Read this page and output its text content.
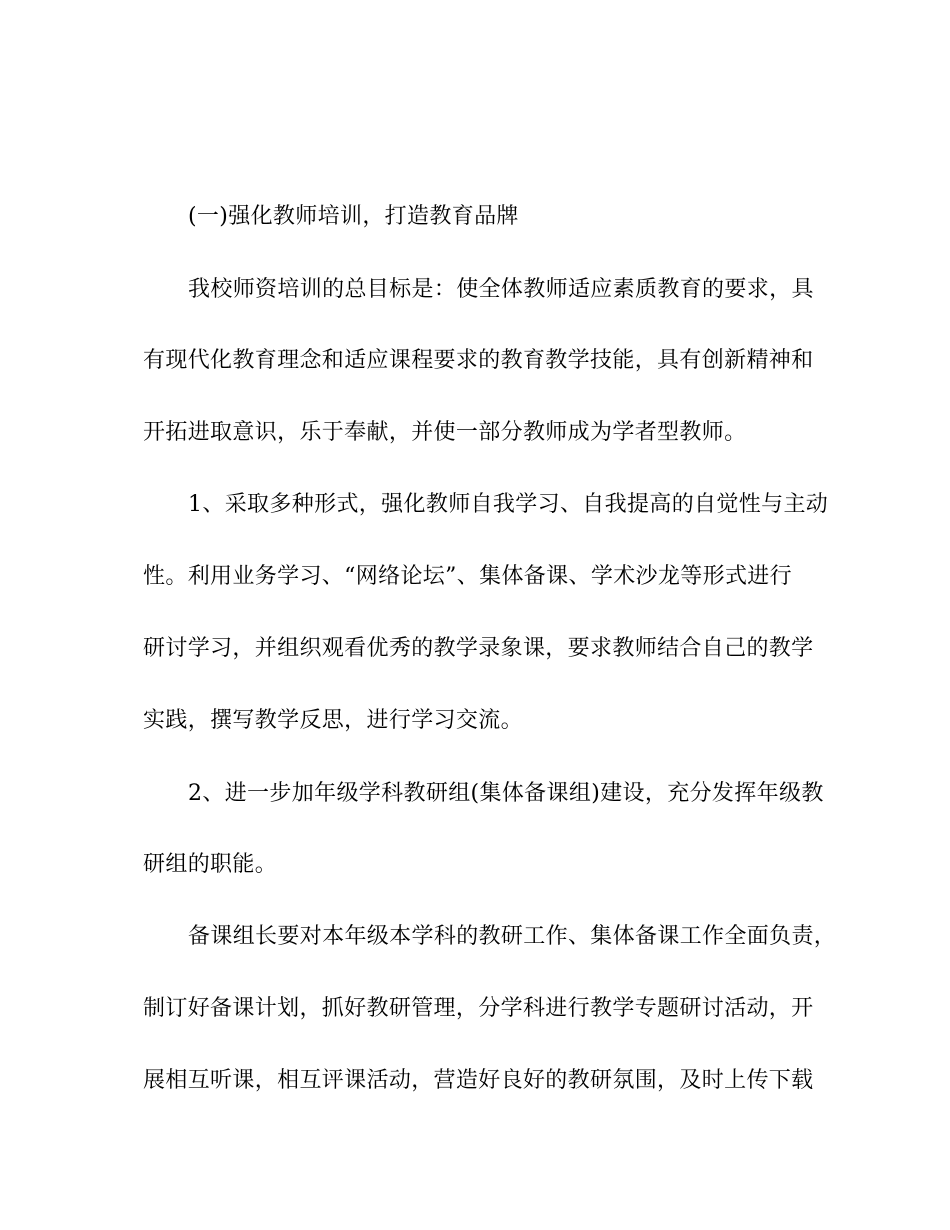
(一)强化教师培训，打造教育品牌
我校师资培训的总目标是：使全体教师适应素质教育的要求，具
有现代化教育理念和适应课程要求的教育教学技能，具有创新精神和
开拓进取意识，乐于奉献，并使一部分教师成为学者型教师。
1、采取多种形式，强化教师自我学习、自我提高的自觉性与主动
性。利用业务学习、“网络论坛”、集体备课、学术沙龙等形式进行
研讨学习，并组织观看优秀的教学录象课，要求教师结合自己的教学
实践，撰写教学反思，进行学习交流。
2、进一步加年级学科教研组(集体备课组)建设，充分发挥年级教
研组的职能。
备课组长要对本年级本学科的教研工作、集体备课工作全面负责，
制订好备课计划，抓好教研管理，分学科进行教学专题研讨活动，开
展相互听课，相互评课活动，营造好良好的教研氛围，及时上传下载
